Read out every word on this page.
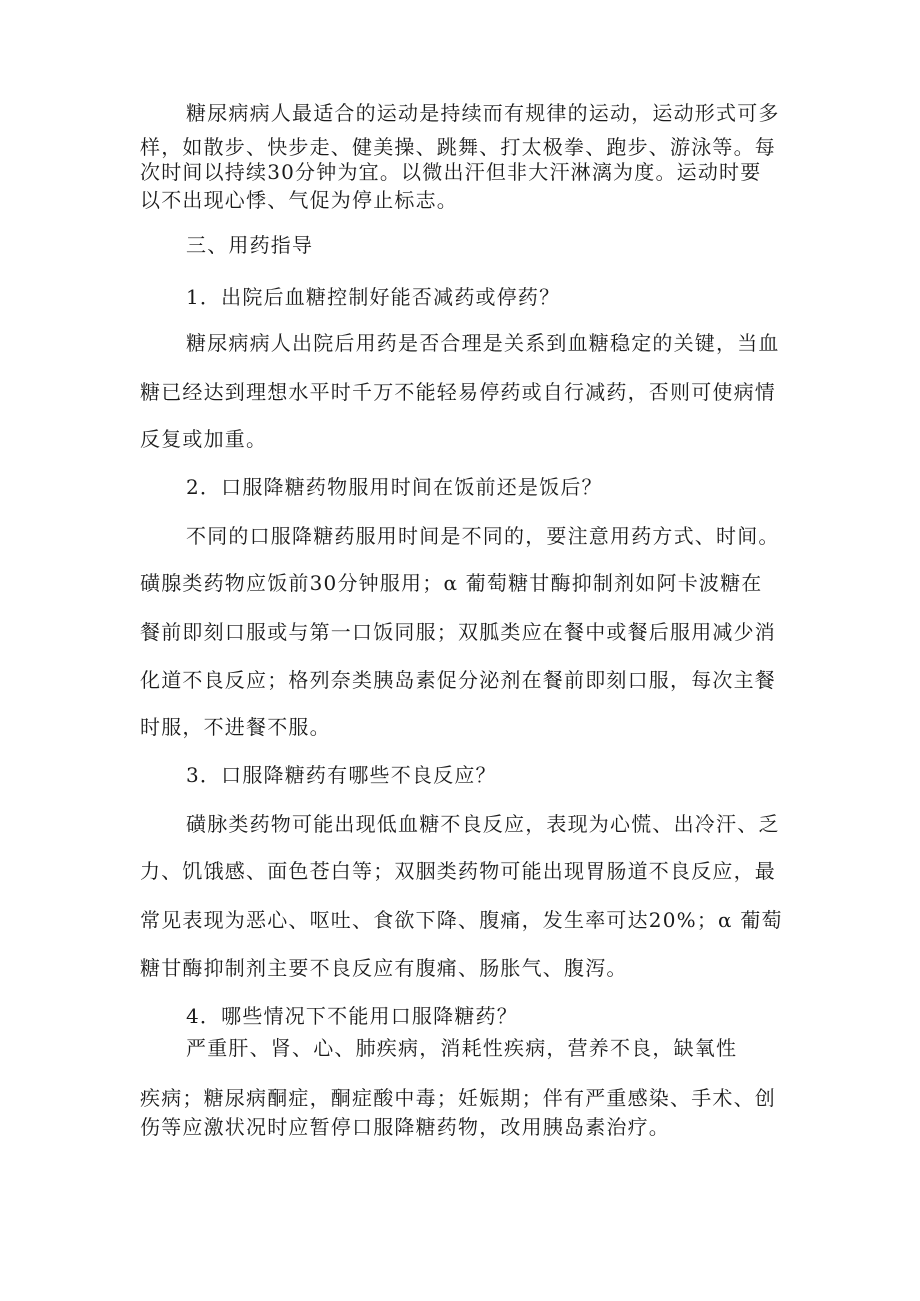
糖尿病病人最适合的运动是持续而有规律的运动，运动形式可多
样，如散步、快步走、健美操、跳舞、打太极拳、跑步、游泳等。每
次时间以持续30分钟为宜。以微出汗但非大汗淋漓为度。运动时要
以不出现心悸、气促为停止标志。
三、用药指导
1．出院后血糖控制好能否减药或停药？
糖尿病病人出院后用药是否合理是关系到血糖稳定的关键，当血
糖已经达到理想水平时千万不能轻易停药或自行减药，否则可使病情
反复或加重。
2．口服降糖药物服用时间在饭前还是饭后？
不同的口服降糖药服用时间是不同的，要注意用药方式、时间。
磺腺类药物应饭前30分钟服用；α 葡萄糖甘酶抑制剂如阿卡波糖在
餐前即刻口服或与第一口饭同服；双胍类应在餐中或餐后服用减少消
化道不良反应；格列奈类胰岛素促分泌剂在餐前即刻口服，每次主餐
时服，不进餐不服。
3．口服降糖药有哪些不良反应？
磺脉类药物可能出现低血糖不良反应，表现为心慌、出冷汗、乏
力、饥饿感、面色苍白等；双胭类药物可能出现胃肠道不良反应，最
常见表现为恶心、呕吐、食欲下降、腹痛，发生率可达20%；α 葡萄
糖甘酶抑制剂主要不良反应有腹痛、肠胀气、腹泻。
4．哪些情况下不能用口服降糖药？
严重肝、肾、心、肺疾病，消耗性疾病，营养不良，缺氧性
疾病；糖尿病酮症，酮症酸中毒；妊娠期；伴有严重感染、手术、创
伤等应激状况时应暂停口服降糖药物，改用胰岛素治疗。
